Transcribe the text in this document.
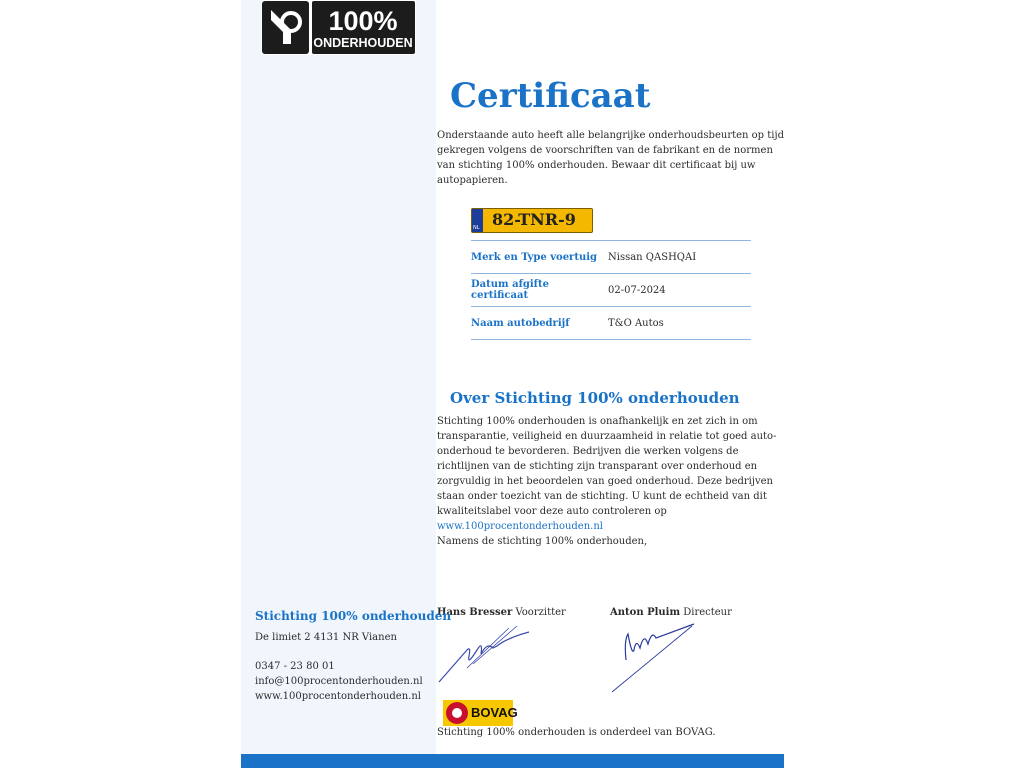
100%
ONDERHOUDEN
Certificaat

Onderstaande auto heeft alle belangrijke onderhoudsbeurten op tijd gekregen volgens de voorschriften van de fabrikant en de normen van stichting 100% onderhouden. Bewaar dit certificaat bij uw autopapieren.

NL 82-TNR-9
Merk en Type voertuig	Nissan QASHQAI
Datum afgifte certificaat	02-07-2024
Naam autobedrijf	T&O Autos
Over Stichting 100% onderhouden

Stichting 100% onderhouden is onafhankelijk en zet zich in om transparantie, veiligheid en duurzaamheid in relatie tot goed auto-onderhoud te bevorderen. Bedrijven die werken volgens de richtlijnen van de stichting zijn transparant over onderhoud en zorgvuldig in het beoordelen van goed onderhoud. Deze bedrijven staan onder toezicht van de stichting. U kunt de echtheid van dit kwaliteitslabel voor deze auto controleren op www.100procentonderhouden.nl
Namens de stichting 100% onderhouden,

Hans Bresser Voorzitter	Anton Pluim Directeur
BOVAG
Stichting 100% onderhouden is onderdeel van BOVAG.
Stichting 100% onderhouden
De limiet 2 4131 NR Vianen
0347 - 23 80 01
info@100procentonderhouden.nl
www.100procentonderhouden.nl
